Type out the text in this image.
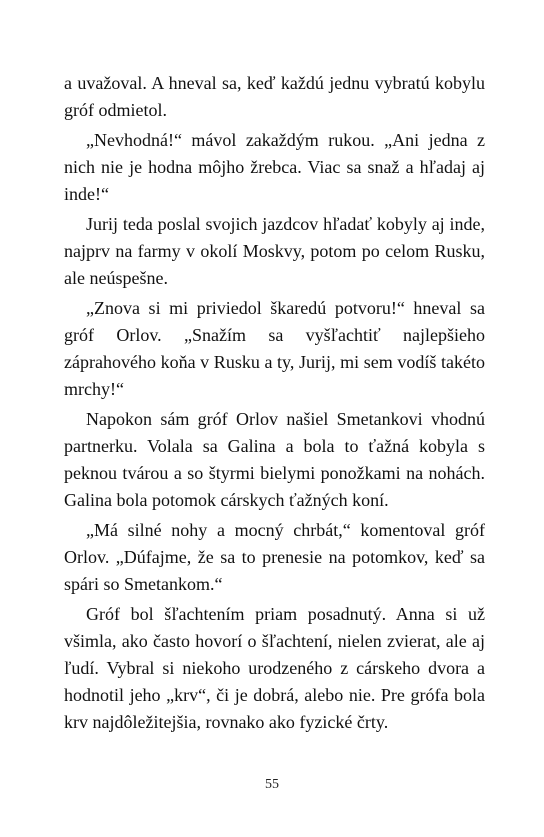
a uvažoval. A hneval sa, keď každú jednu vybratú kobylu gróf odmietol.

„Nevhodná!“ mávol zakaždým rukou. „Ani jedna z nich nie je hodna môjho žrebca. Viac sa snaž a hľadaj aj inde!“

Jurij teda poslal svojich jazdcov hľadať kobyly aj inde, najprv na farmy v okolí Moskvy, potom po celom Rusku, ale neúspešne.

„Znova si mi priviedol škaredú potvoru!“ hneval sa gróf Orlov. „Snažím sa vyšľachtiť najlepšieho záprahového koňa v Rusku a ty, Jurij, mi sem vodíš takéto mrchy!“

Napokon sám gróf Orlov našiel Smetankovi vhodnú partnerku. Volala sa Galina a bola to ťažná kobyla s peknou tvárou a so štyrmi bielymi ponožkami na nohách. Galina bola potomok cárskych ťažných koní.

„Má silné nohy a mocný chrbát,“ komentoval gróf Orlov. „Dúfajme, že sa to prenesie na potomkov, keď sa spári so Smetankom.“

Gróf bol šľachtením priam posadnutý. Anna si už všimla, ako často hovorí o šľachtení, nielen zvierat, ale aj ľudí. Vybral si niekoho urodzeného z cárskeho dvora a hodnotil jeho „krv“, či je dobrá, alebo nie. Pre grófa bola krv najdôležitejšia, rovnako ako fyzické črty.

55
